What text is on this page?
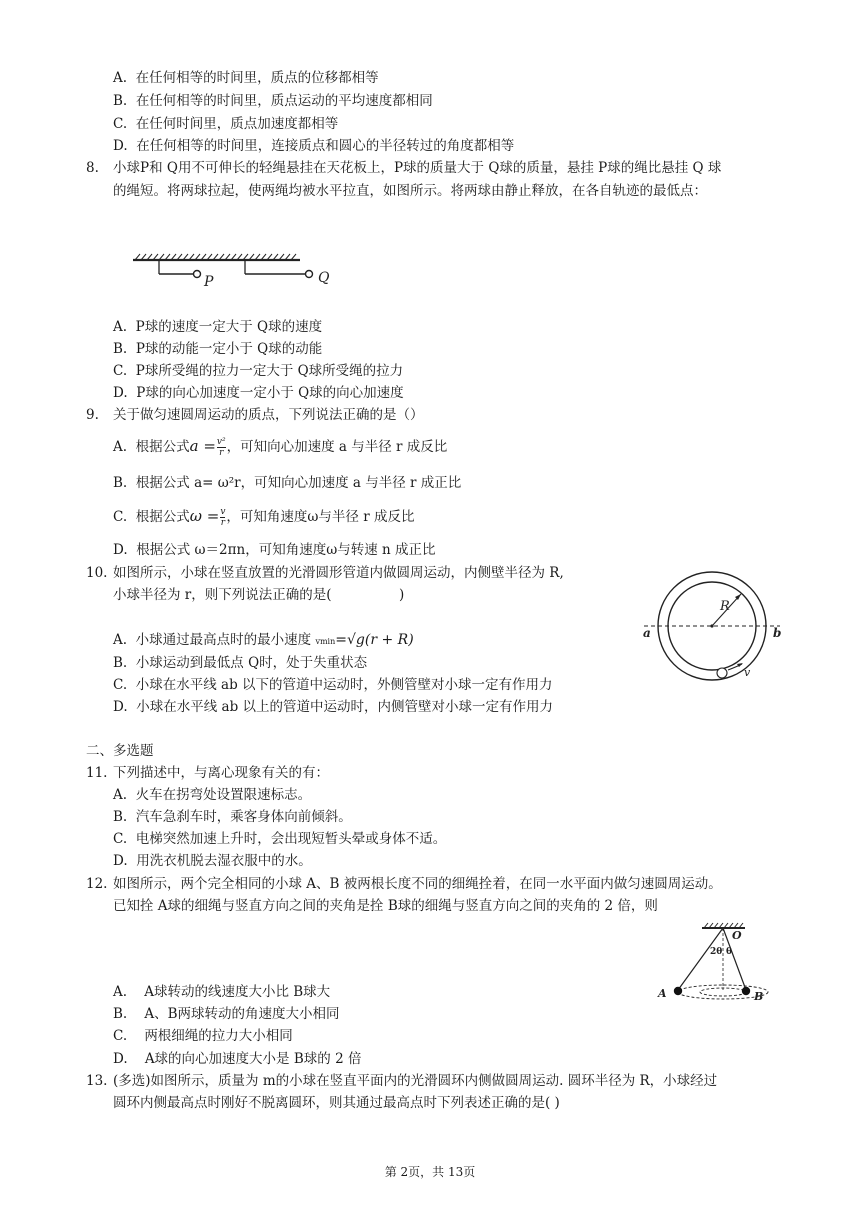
A. 在任何相等的时间里，质点的位移都相等
B. 在任何相等的时间里，质点运动的平均速度都相同
C. 在任何时间里，质点加速度都相等
D. 在任何相等的时间里，连接质点和圆心的半径转过的角度都相等
8. 小球P和 Q用不可伸长的轻绳悬挂在天花板上，P球的质量大于 Q球的质量，悬挂 P球的绳比悬挂 Q 球
的绳短。将两球拉起，使两绳均被水平拉直，如图所示。将两球由静止释放，在各自轨迹的最低点：
P	Q
A. P球的速度一定大于 Q球的速度
B. P球的动能一定小于 Q球的动能
C. P球所受绳的拉力一定大于 Q球所受绳的拉力
D. P球的向心加速度一定小于 Q球的向心加速度
9. 关于做匀速圆周运动的质点，下列说法正确的是（）
A. 根据公式$a = \frac{\text{v²}}{r}$ ，可知向心加速度 a 与半径 r 成反比
B. 根据公式 a= ω²r，可知向心加速度 a 与半径 r 成正比
C. 根据公式$\omega = \frac{v}{r}$ ，可知角速度ω与半径 r 成反比
D. 根据公式 ω＝2πn，可知角速度ω与转速 n 成正比
10. 如图所示，小球在竖直放置的光滑圆形管道内做圆周运动，内侧壁半径为 R,
小球半径为 r，则下列说法正确的是(　　　　　)
R
a	b
v
A. 小球通过最高点时的最小速度 vmin=√g(r + R)
B. 小球运动到最低点 Q时，处于失重状态
C. 小球在水平线 ab 以下的管道中运动时，外侧管壁对小球一定有作用力
D. 小球在水平线 ab 以上的管道中运动时，内侧管壁对小球一定有作用力
二、多选题
11. 下列描述中，与离心现象有关的有：
A. 火车在拐弯处设置限速标志。
B. 汽车急刹车时，乘客身体向前倾斜。
C. 电梯突然加速上升时，会出现短暂头晕或身体不适。
D. 用洗衣机脱去湿衣服中的水。
12. 如图所示，两个完全相同的小球 A、B 被两根长度不同的细绳拴着，在同一水平面内做匀速圆周运动。
已知拴 A球的细绳与竖直方向之间的夹角是拴 B球的细绳与竖直方向之间的夹角的 2 倍，则
O
2θ θ
A	B
A. A球转动的线速度大小比 B球大
B. A、B两球转动的角速度大小相同
C. 两根细绳的拉力大小相同
D. A球的向心加速度大小是 B球的 2 倍
13. (多选)如图所示，质量为 m的小球在竖直平面内的光滑圆环内侧做圆周运动. 圆环半径为 R，小球经过
圆环内侧最高点时刚好不脱离圆环，则其通过最高点时下列表述正确的是( )
第 2页，共 13页
